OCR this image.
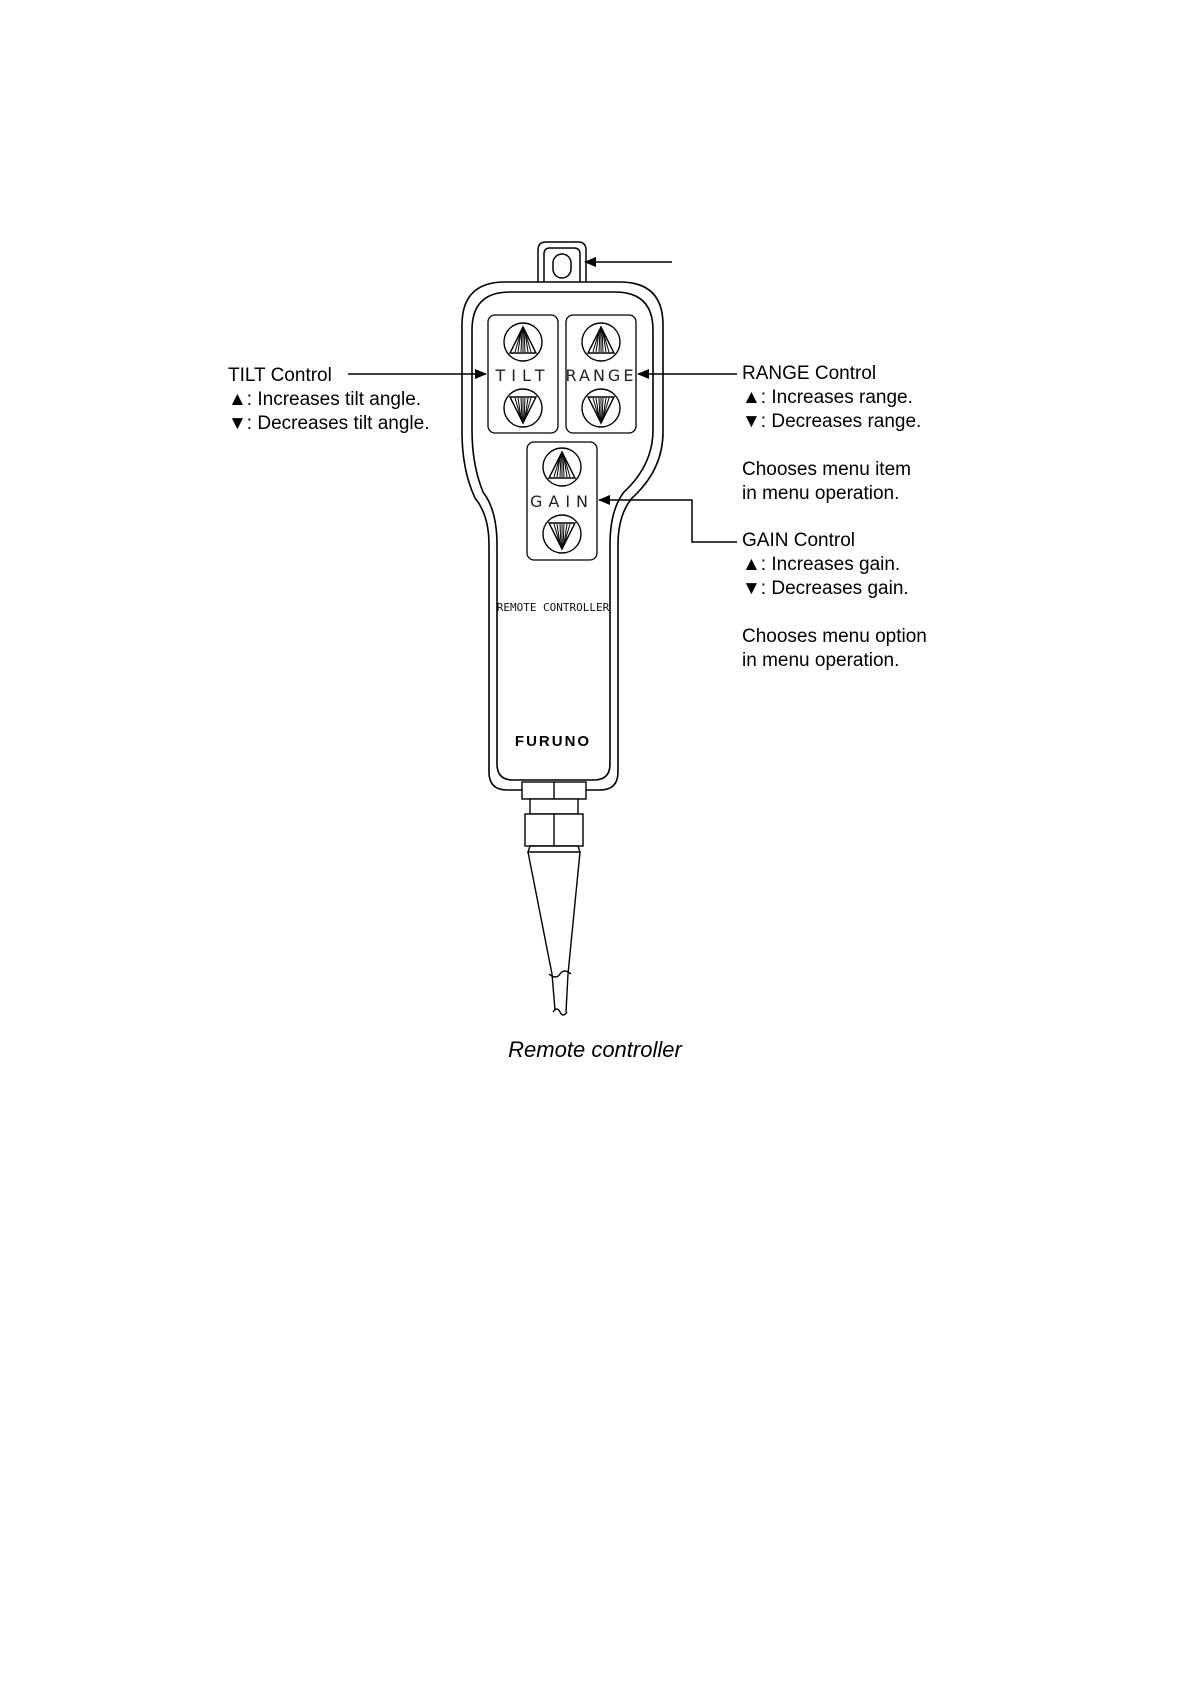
TILT RANGE
GAIN
REMOTE CONTROLLER
FURUNO
TILT Control
▲: Increases tilt angle.
▼: Decreases tilt angle.
RANGE Control
▲: Increases range.
▼: Decreases range.
Chooses menu item
in menu operation.
GAIN Control
▲: Increases gain.
▼: Decreases gain.
Chooses menu option
in menu operation.
Remote controller
